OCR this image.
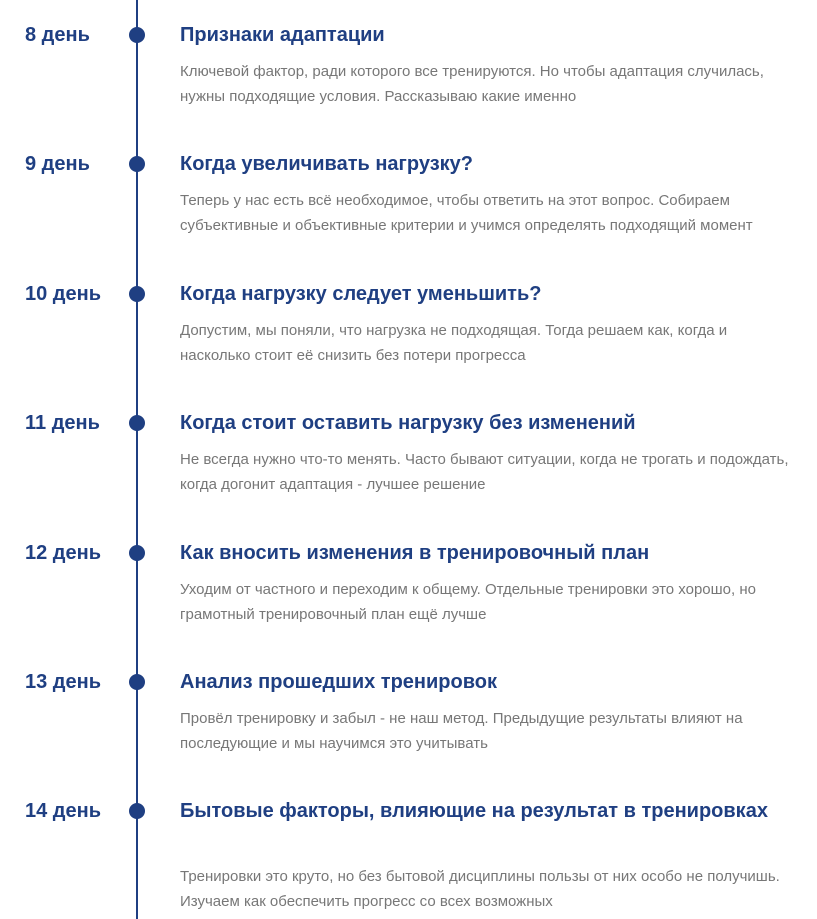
8 день	Признаки адаптации

Ключевой фактор, ради которого все тренируются. Но чтобы адаптация случилась, нужны подходящие условия. Рассказываю какие именно

9 день	Когда увеличивать нагрузку?

Теперь у нас есть всё необходимое, чтобы ответить на этот вопрос. Собираем субъективные и объективные критерии и учимся определять подходящий момент

10 день	Когда нагрузку следует уменьшить?

Допустим, мы поняли, что нагрузка не подходящая. Тогда решаем как, когда и насколько стоит её снизить без потери прогресса

11 день	Когда стоит оставить нагрузку без изменений

Не всегда нужно что-то менять. Часто бывают ситуации, когда не трогать и подождать, когда догонит адаптация - лучшее решение

12 день	Как вносить изменения в тренировочный план

Уходим от частного и переходим к общему. Отдельные тренировки это хорошо, но грамотный тренировочный план ещё лучше

13 день	Анализ прошедших тренировок

Провёл тренировку и забыл - не наш метод. Предыдущие результаты влияют на последующие и мы научимся это учитывать

14 день	Бытовые факторы, влияющие на результат в тренировках

Тренировки это круто, но без бытовой дисциплины пользы от них особо не получишь. Изучаем как обеспечить прогресс со всех возможных
